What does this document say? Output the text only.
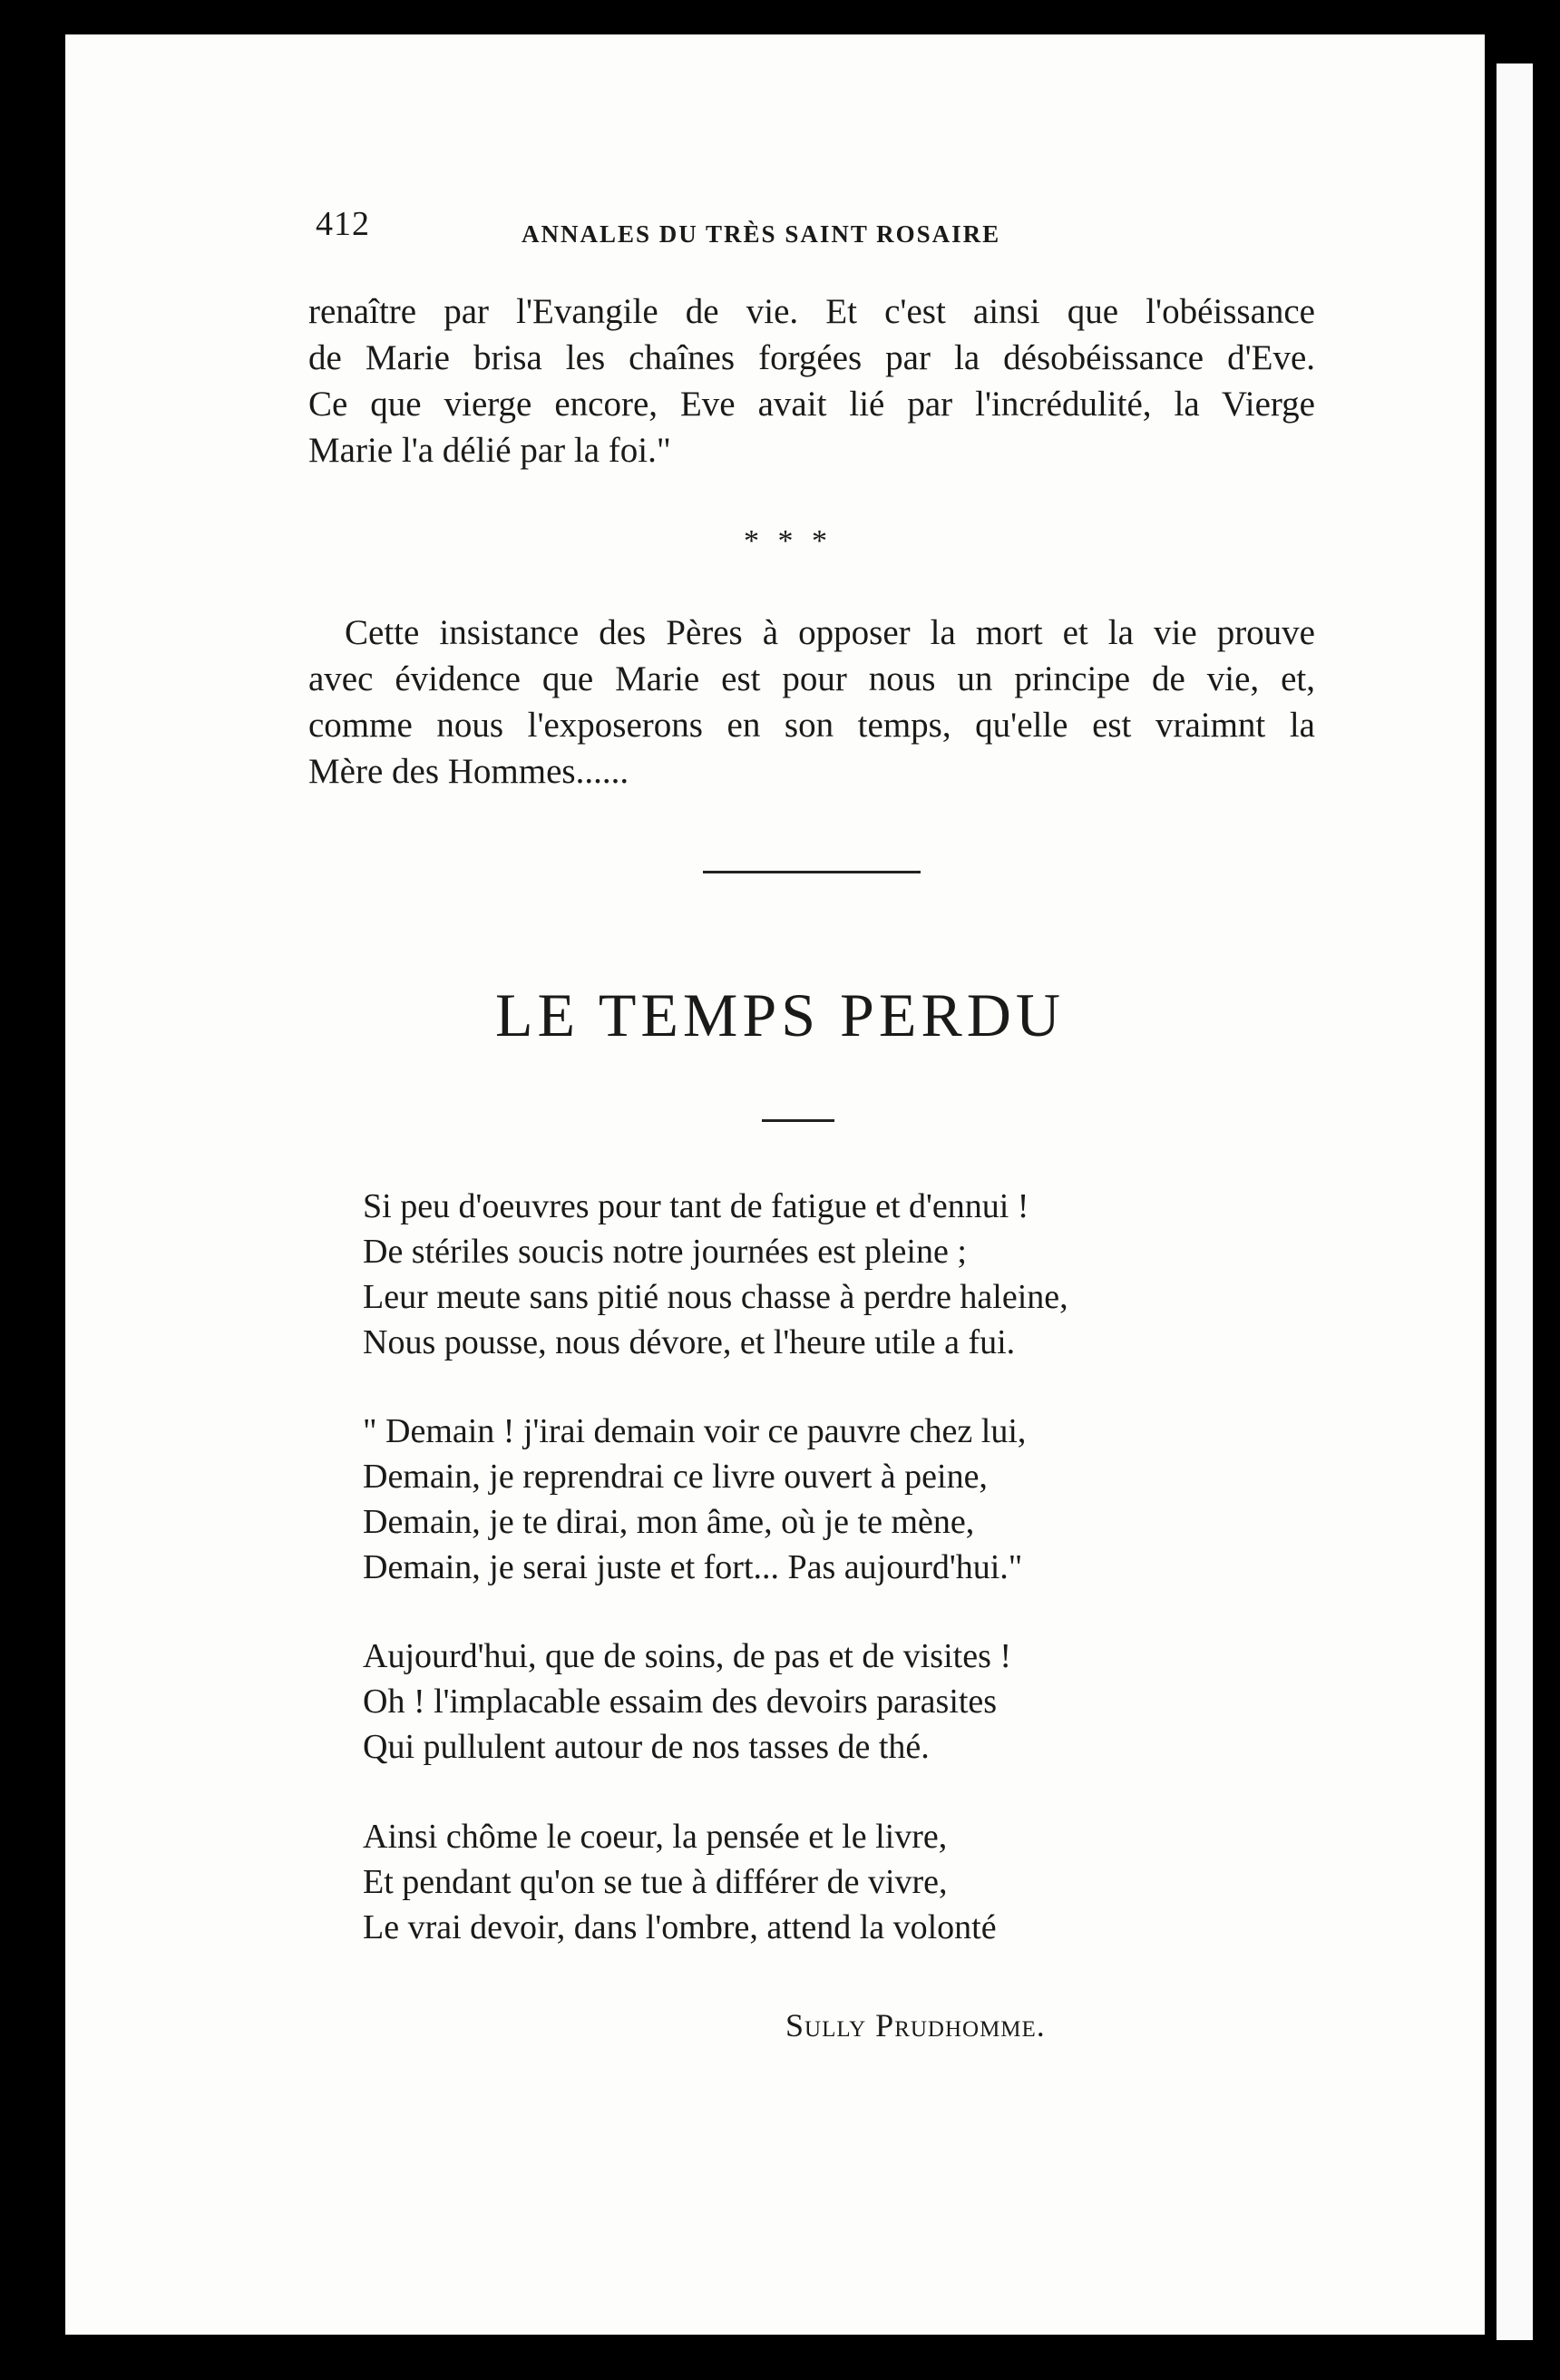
412	ANNALES DU TRÈS SAINT ROSAIRE

renaître par l'Evangile de vie. Et c'est ainsi que l'obéissance
de Marie brisa les chaînes forgées par la désobéissance d'Eve.
Ce que vierge encore, Eve avait lié par l'incrédulité, la Vierge
Marie l'a délié par la foi."

* * *

Cette insistance des Pères à opposer la mort et la vie prouve
avec évidence que Marie est pour nous un principe de vie, et,
comme nous l'exposerons en son temps, qu'elle est vraimnt la
Mère des Hommes......

LE TEMPS PERDU
Si peu d'oeuvres pour tant de fatigue et d'ennui !
De stériles soucis notre journées est pleine ;
Leur meute sans pitié nous chasse à perdre haleine,
Nous pousse, nous dévore, et l'heure utile a fui.
" Demain ! j'irai demain voir ce pauvre chez lui,
Demain, je reprendrai ce livre ouvert à peine,
Demain, je te dirai, mon âme, où je te mène,
Demain, je serai juste et fort... Pas aujourd'hui."
Aujourd'hui, que de soins, de pas et de visites !
Oh ! l'implacable essaim des devoirs parasites
Qui pullulent autour de nos tasses de thé.
Ainsi chôme le coeur, la pensée et le livre,
Et pendant qu'on se tue à différer de vivre,
Le vrai devoir, dans l'ombre, attend la volonté
Sully Prudhomme.
